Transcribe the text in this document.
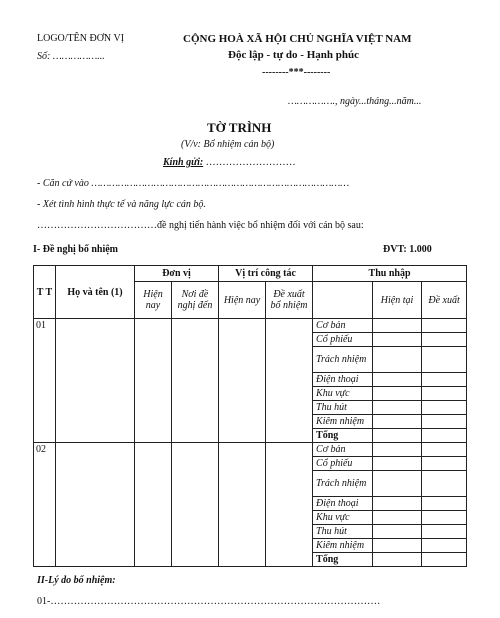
LOGO/TÊN ĐƠN VỊ
Số: ……………...
CỘNG HOÀ XÃ HỘI CHỦ NGHĨA VIỆT NAM
Độc lập - tự do - Hạnh phúc
--------***--------
……………., ngày...tháng...năm...
TỜ TRÌNH
(V/v: Bổ nhiệm cán bộ)
Kính gửi: ………………………
- Căn cứ vào ……………………………………………………………………………
- Xét tình hình thực tế và năng lực cán bộ.
………………………………đề nghị tiến hành việc bổ nhiệm đối với cán bộ sau:
I- Đề nghị bổ nhiệm	ĐVT: 1.000
T T	Họ và tên (1)	Đơn vị		Vị trí công tác		Thu nhập		
		Hiện nay	Nơi đề nghị đến	Hiện nay	Đề xuất bổ nhiệm		Hiện tại	Đề xuất
01						Cơ bản		
						Cổ phiếu		
						Trách nhiệm		
						Điện thoại		
						Khu vực		
						Thu hút		
						Kiêm nhiệm		
						Tổng		
02						Cơ bản		
						Cổ phiếu		
						Trách nhiệm		
						Điện thoại		
						Khu vực		
						Thu hút		
						Kiêm nhiệm		
						Tổng		
II-Lý do bổ nhiệm:
01-………………………………………………………………………………………
